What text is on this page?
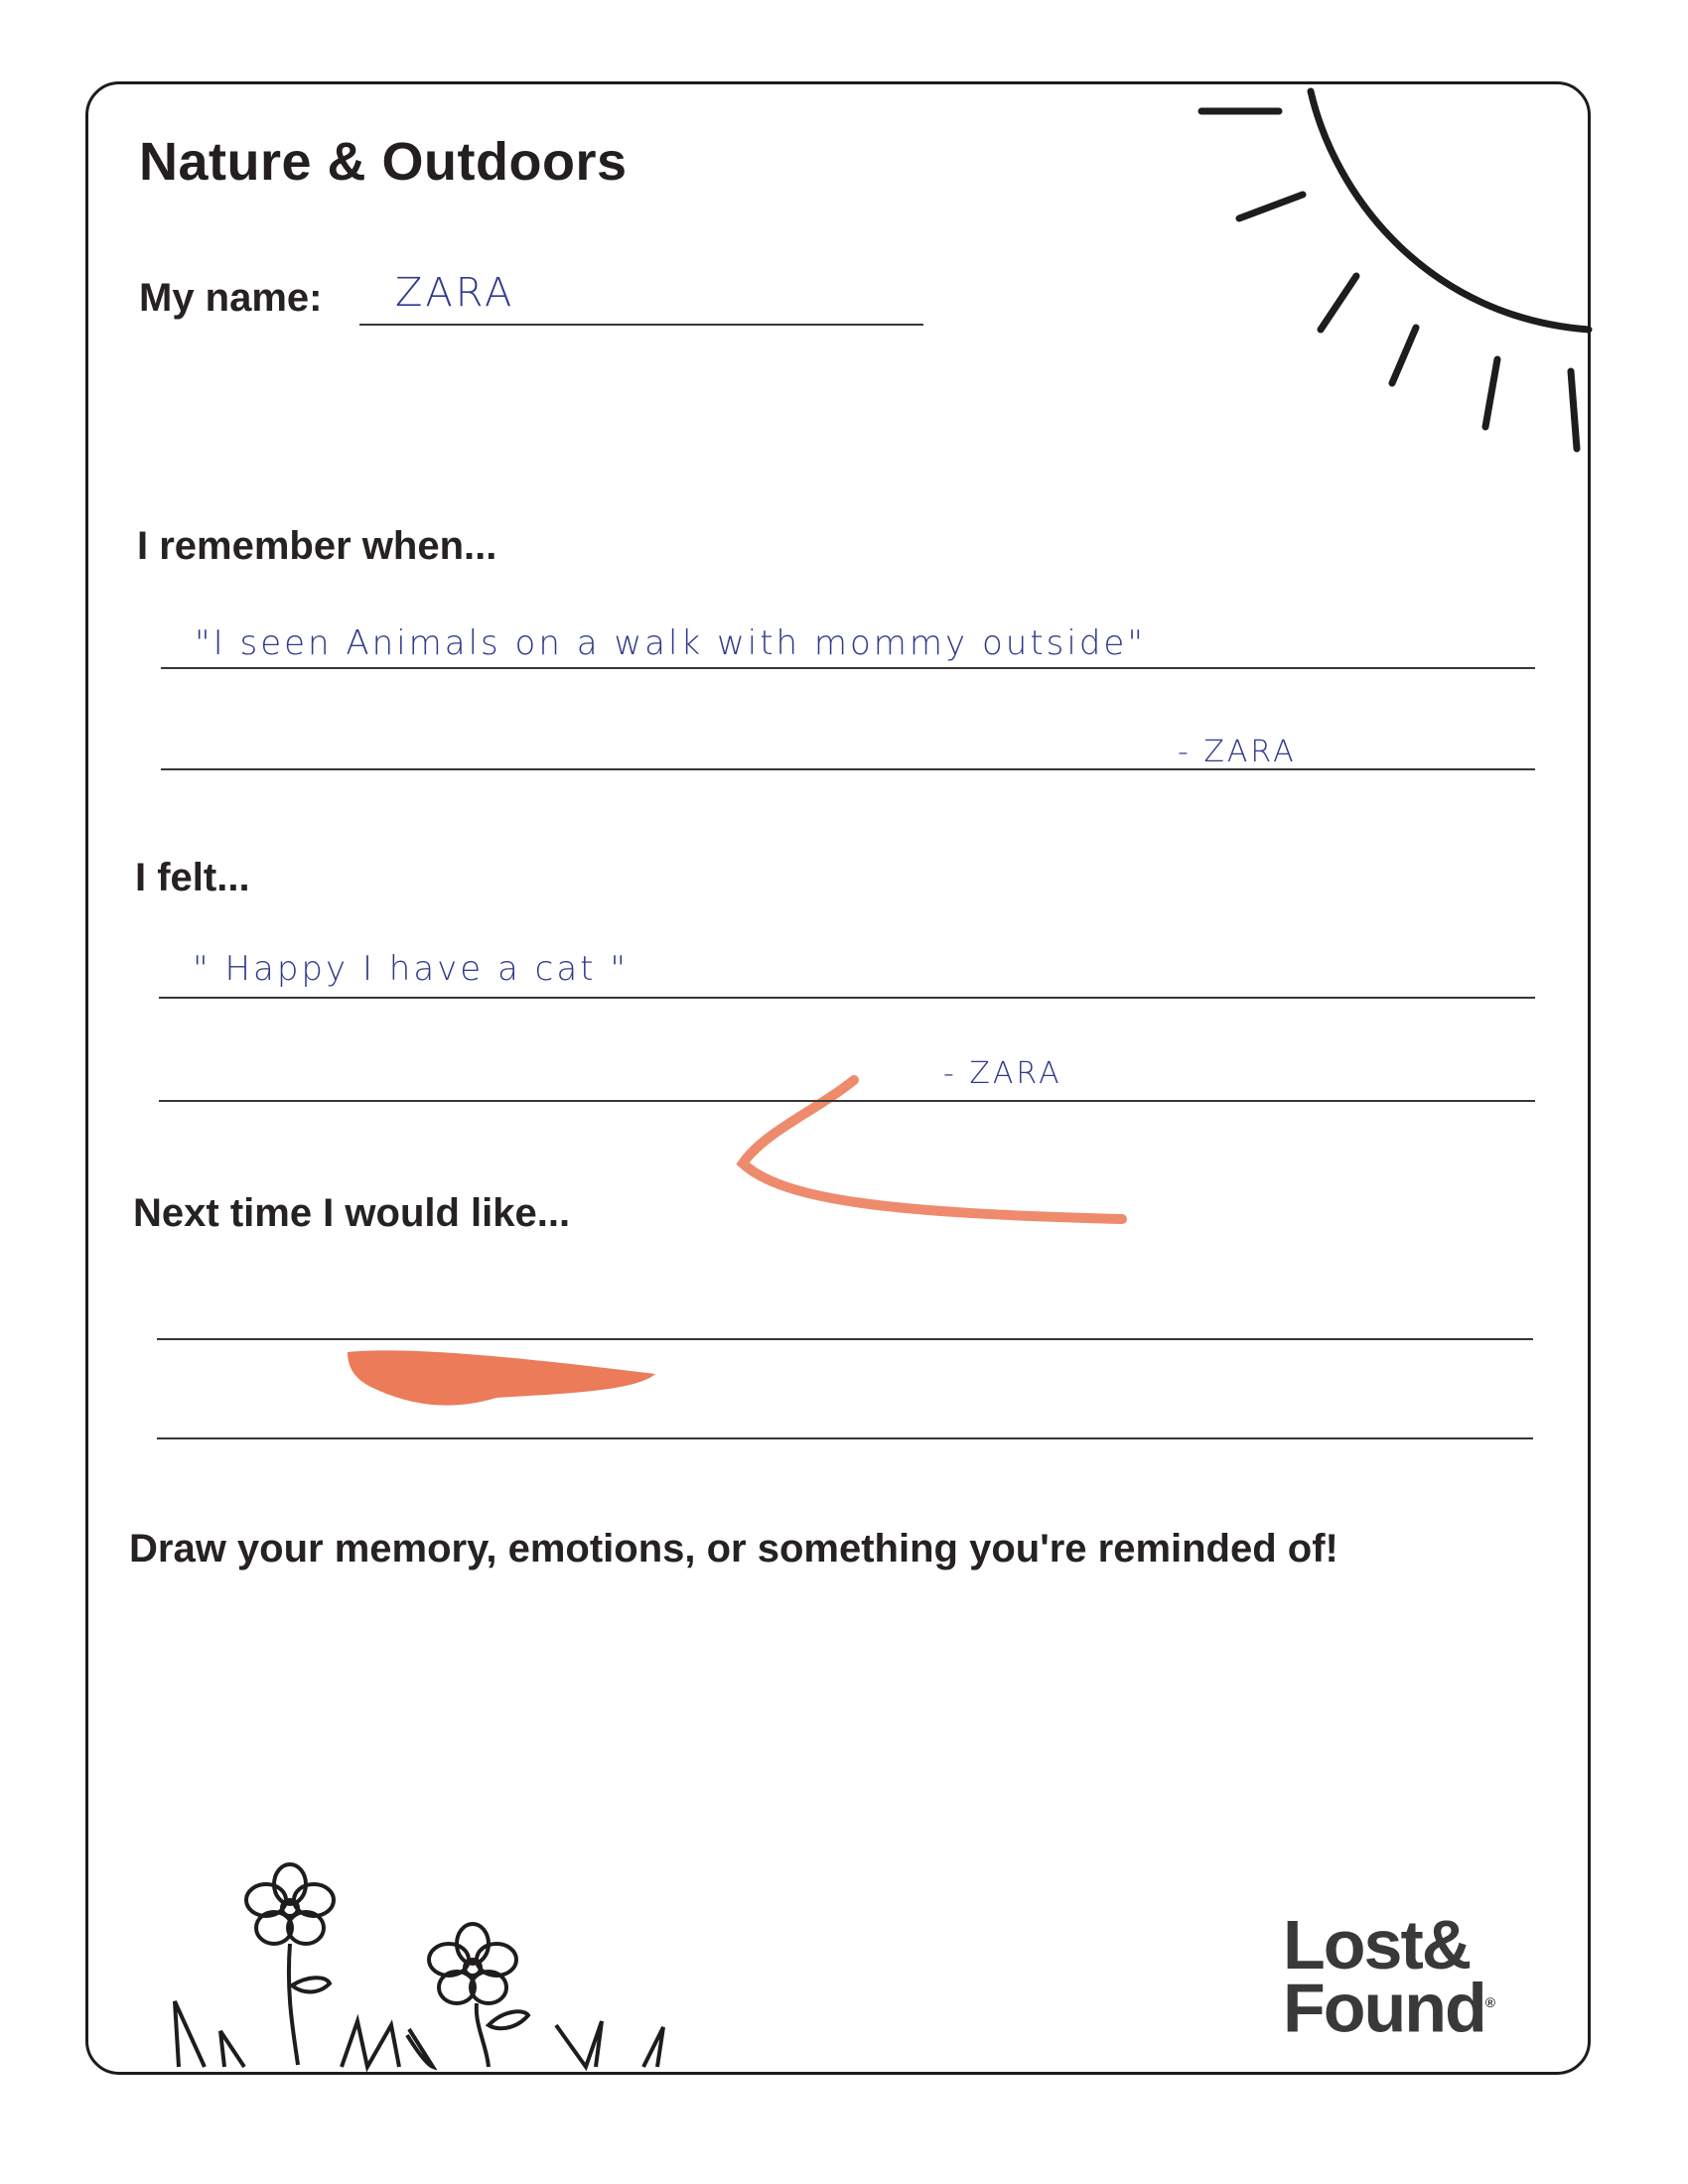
Nature & Outdoors
My name: ZARA
I remember when...
"I seen Animals on a walk with mommy outside"
- ZARA
I felt...
" Happy I have a cat "
- ZARA
Next time I would like...
Draw your memory, emotions, or something you're reminded of!
Lost&
Found®
